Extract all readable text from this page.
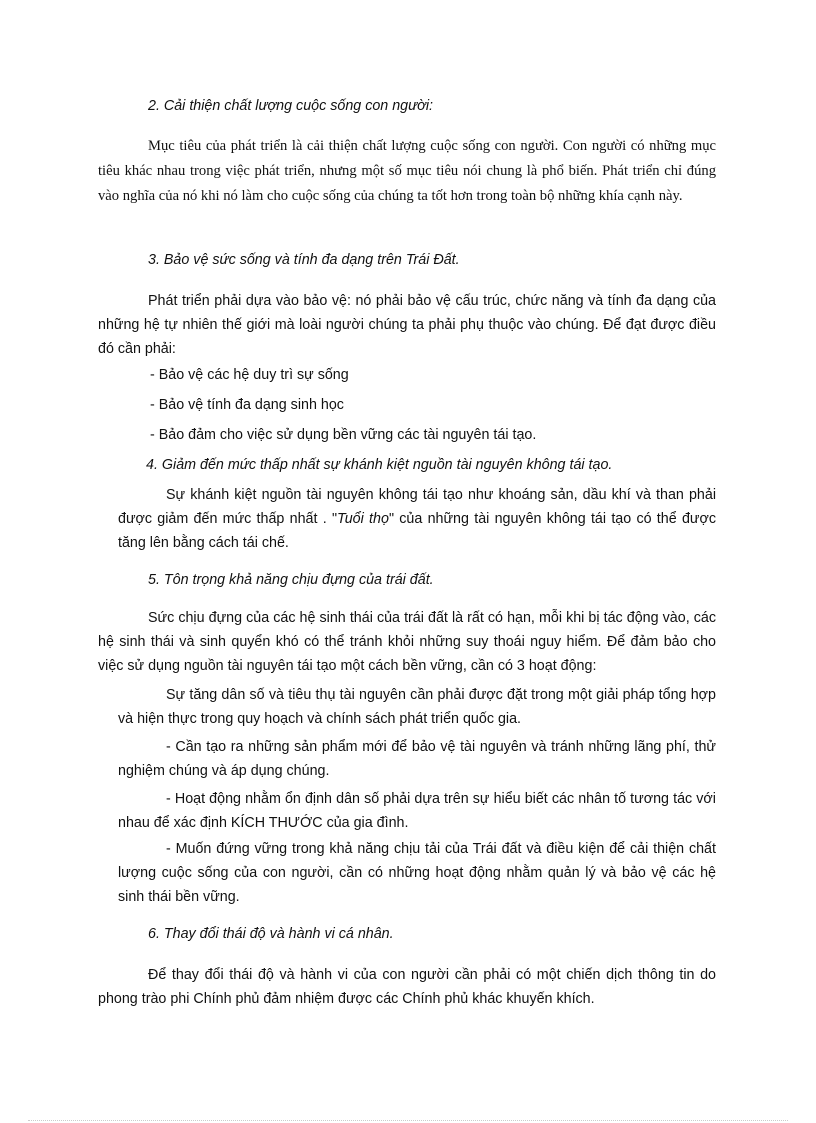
2. Cải thiện chất lượng cuộc sống con người:

Mục tiêu của phát triển là cải thiện chất lượng cuộc sống con người. Con người có những mục tiêu khác nhau trong việc phát triển, nhưng một số mục tiêu nói chung là phổ biến. Phát triển chỉ đúng vào nghĩa của nó khi nó làm cho cuộc sống của chúng ta tốt hơn trong toàn bộ những khía cạnh này.

3. Bảo vệ sức sống và tính đa dạng trên Trái Đất.

Phát triển phải dựa vào bảo vệ: nó phải bảo vệ cấu trúc, chức năng và tính đa dạng của những hệ tự nhiên thế giới mà loài người chúng ta phải phụ thuộc vào chúng. Để đạt được điều đó cần phải:

- Bảo vệ các hệ duy trì sự sống

- Bảo vệ tính đa dạng sinh học

- Bảo đảm cho việc sử dụng bền vững các tài nguyên tái tạo.

4. Giảm đến mức thấp nhất sự khánh kiệt nguồn tài nguyên không tái tạo.

Sự khánh kiệt nguồn tài nguyên không tái tạo như khoáng sản, dầu khí và than phải được giảm đến mức thấp nhất . "Tuổi thọ" của những tài nguyên không tái tạo có thể được tăng lên bằng cách tái chế.

5. Tôn trọng khả năng chịu đựng của trái đất.

Sức chịu đựng của các hệ sinh thái của trái đất là rất có hạn, mỗi khi bị tác động vào, các hệ sinh thái và sinh quyển khó có thể tránh khỏi những suy thoái nguy hiểm. Để đảm bảo cho việc sử dụng nguồn tài nguyên tái tạo một cách bền vững, cần có 3 hoạt động:

Sự tăng dân số và tiêu thụ tài nguyên cần phải được đặt trong một giải pháp tổng hợp và hiện thực trong quy hoạch và chính sách phát triển quốc gia.

- Cần tạo ra những sản phẩm mới để bảo vệ tài nguyên và tránh những lãng phí, thử nghiệm chúng và áp dụng chúng.

- Hoạt động nhằm ổn định dân số phải dựa trên sự hiểu biết các nhân tố tương tác với nhau để xác định KÍCH THƯỚC của gia đình.

- Muốn đứng vững trong khả năng chịu tải của Trái đất và điều kiện để cải thiện chất lượng cuộc sống của con người, cần có những hoạt động nhằm quản lý và bảo vệ các hệ sinh thái bền vững.

6. Thay đổi thái độ và hành vi cá nhân.

Để thay đổi thái độ và hành vi của con người cần phải có một chiến dịch thông tin do phong trào phi Chính phủ đảm nhiệm được các Chính phủ khác khuyến khích.
